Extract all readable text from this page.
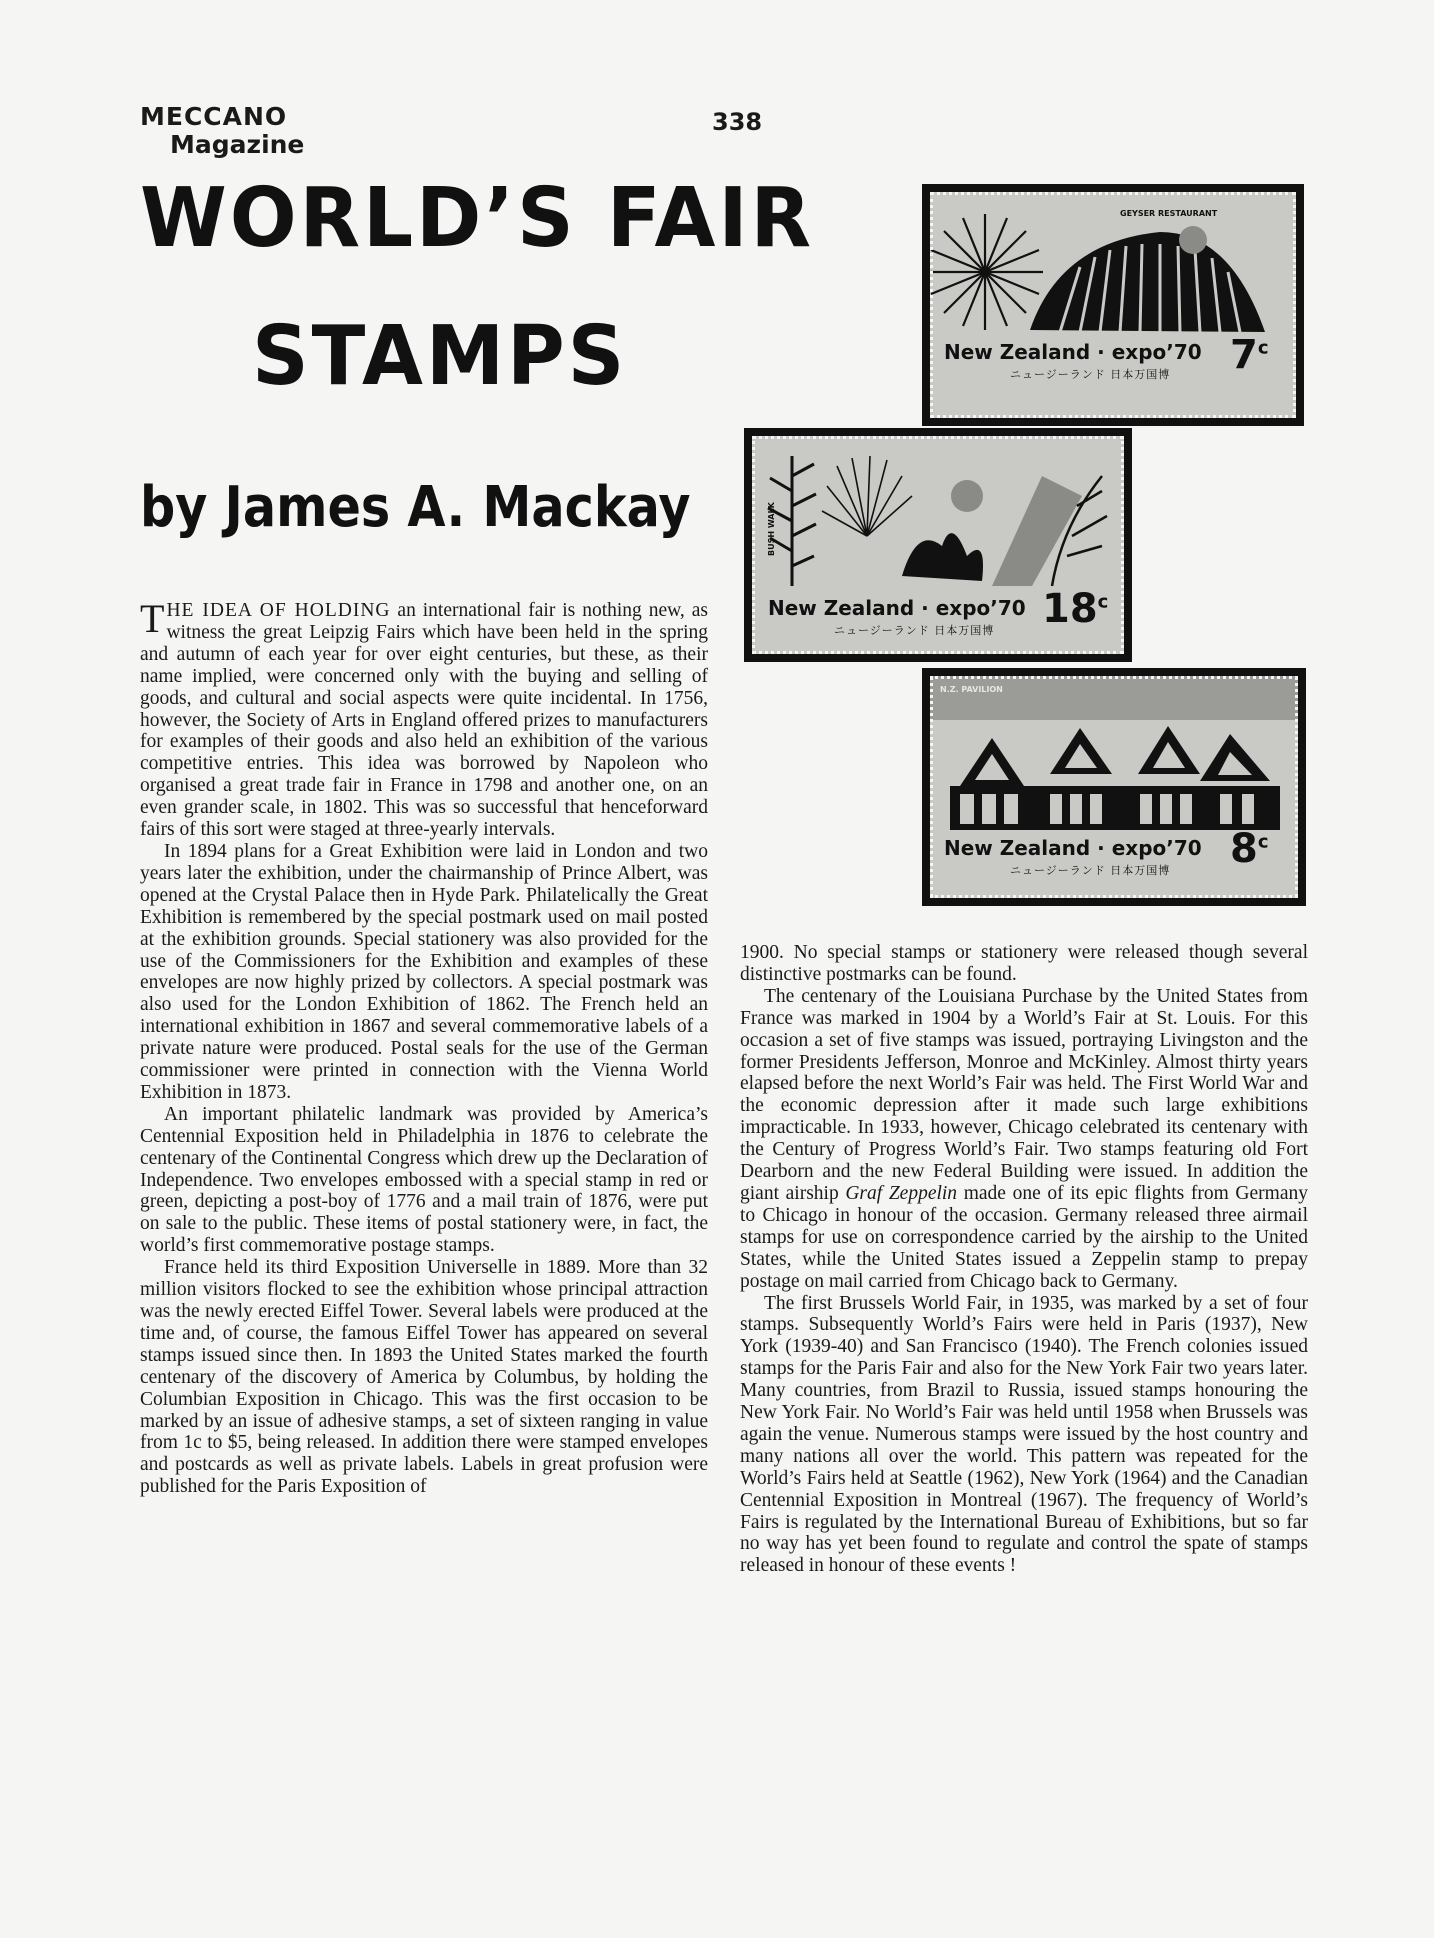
MECCANO
Magazine
338
WORLD’S FAIR
STAMPS
by James A. Mackay
GEYSER RESTAURANT
New Zealand · expo’70
ニュージーランド 日本万国博 7$^c$
BUSH WALK
New Zealand · expo’70
ニュージーランド 日本万国博 18$^c$
N.Z. PAVILION
New Zealand · expo’70
ニュージーランド 日本万国博 8$^c$

THE IDEA OF HOLDING an international fair is nothing new, as witness the great Leipzig Fairs which have been held in the spring and autumn of each year for over eight centuries, but these, as their name implied, were concerned only with the buying and selling of goods, and cultural and social aspects were quite incidental. In 1756, however, the Society of Arts in England offered prizes to manufacturers for examples of their goods and also held an exhibition of the various competitive entries. This idea was borrowed by Napoleon who organised a great trade fair in France in 1798 and another one, on an even grander scale, in 1802. This was so successful that henceforward fairs of this sort were staged at three-yearly intervals.

In 1894 plans for a Great Exhibition were laid in London and two years later the exhibition, under the chairmanship of Prince Albert, was opened at the Crystal Palace then in Hyde Park. Philatelically the Great Exhibition is remembered by the special postmark used on mail posted at the exhibition grounds. Special stationery was also provided for the use of the Commissioners for the Exhibition and examples of these envelopes are now highly prized by collectors. A special postmark was also used for the London Exhibition of 1862. The French held an international exhibition in 1867 and several commemorative labels of a private nature were produced. Postal seals for the use of the German commissioner were printed in connection with the Vienna World Exhibition in 1873.

An important philatelic landmark was provided by America’s Centennial Exposition held in Philadelphia in 1876 to celebrate the centenary of the Continental Congress which drew up the Declaration of Independence. Two envelopes embossed with a special stamp in red or green, depicting a post-boy of 1776 and a mail train of 1876, were put on sale to the public. These items of postal stationery were, in fact, the world’s first commemorative postage stamps.

France held its third Exposition Universelle in 1889. More than 32 million visitors flocked to see the exhibition whose principal attraction was the newly erected Eiffel Tower. Several labels were produced at the time and, of course, the famous Eiffel Tower has appeared on several stamps issued since then. In 1893 the United States marked the fourth centenary of the discovery of America by Columbus, by holding the Columbian Exposition in Chicago. This was the first occasion to be marked by an issue of adhesive stamps, a set of sixteen ranging in value from 1c to $5, being released. In addition there were stamped envelopes and postcards as well as private labels. Labels in great profusion were published for the Paris Exposition of

1900. No special stamps or stationery were released though several distinctive postmarks can be found.

The centenary of the Louisiana Purchase by the United States from France was marked in 1904 by a World’s Fair at St. Louis. For this occasion a set of five stamps was issued, portraying Livingston and the former Presidents Jefferson, Monroe and McKinley. Almost thirty years elapsed before the next World’s Fair was held. The First World War and the economic depression after it made such large exhibitions impracticable. In 1933, however, Chicago celebrated its centenary with the Century of Progress World’s Fair. Two stamps featuring old Fort Dearborn and the new Federal Building were issued. In addition the giant airship Graf Zeppelin made one of its epic flights from Germany to Chicago in honour of the occasion. Germany released three airmail stamps for use on correspondence carried by the airship to the United States, while the United States issued a Zeppelin stamp to prepay postage on mail carried from Chicago back to Germany.

The first Brussels World Fair, in 1935, was marked by a set of four stamps. Subsequently World’s Fairs were held in Paris (1937), New York (1939-40) and San Francisco (1940). The French colonies issued stamps for the Paris Fair and also for the New York Fair two years later. Many countries, from Brazil to Russia, issued stamps honouring the New York Fair. No World’s Fair was held until 1958 when Brussels was again the venue. Numerous stamps were issued by the host country and many nations all over the world. This pattern was repeated for the World’s Fairs held at Seattle (1962), New York (1964) and the Canadian Centennial Exposition in Montreal (1967). The frequency of World’s Fairs is regulated by the International Bureau of Exhibitions, but so far no way has yet been found to regulate and control the spate of stamps released in honour of these events !
